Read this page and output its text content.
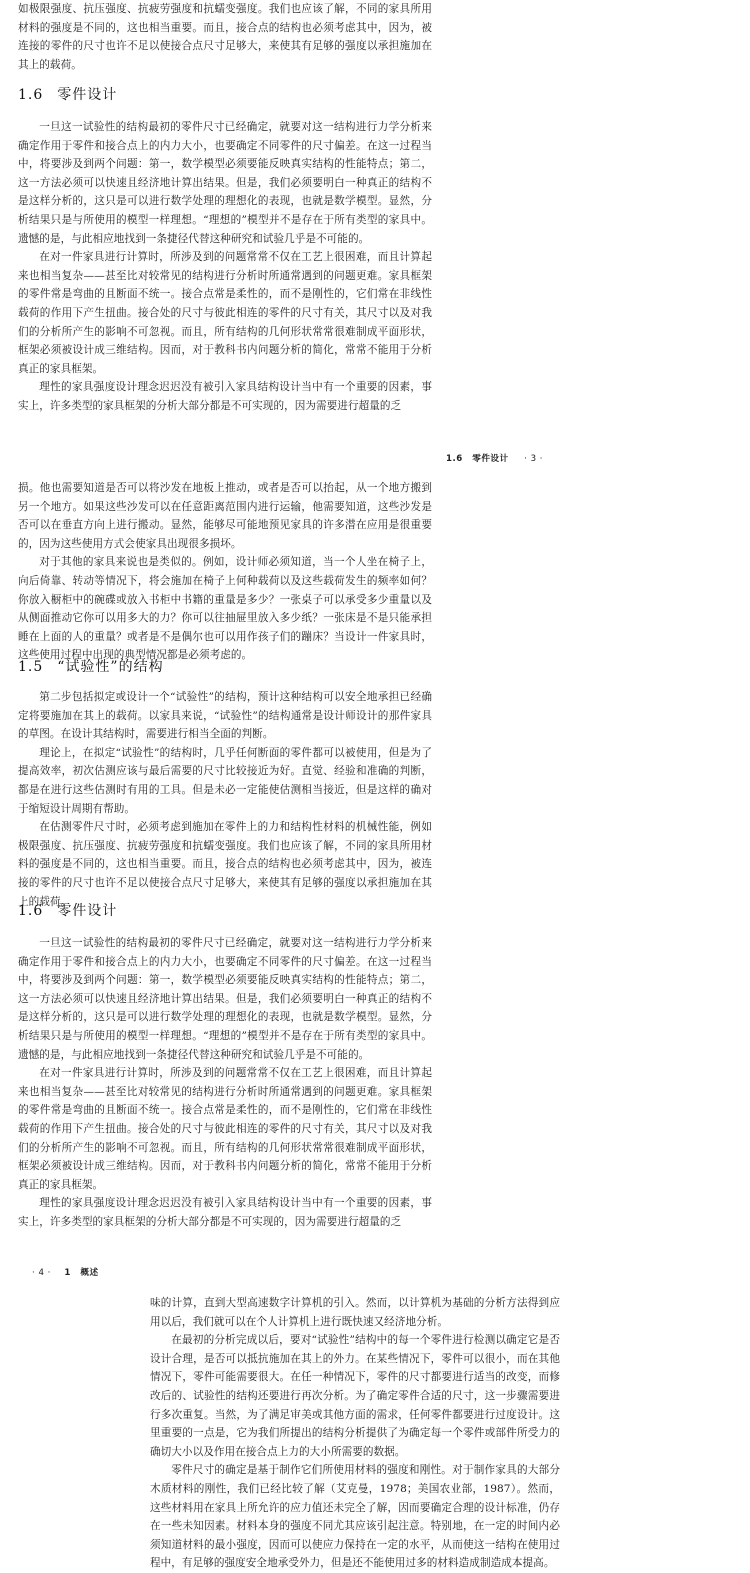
如极限强度、抗压强度、抗疲劳强度和抗蠕变强度。我们也应该了解，不同的家具所用材料的强度是不同的，这也相当重要。而且，接合点的结构也必须考虑其中，因为，被连接的零件的尺寸也许不足以使接合点尺寸足够大，来使其有足够的强度以承担施加在其上的载荷。

1.6 零件设计

一旦这一试验性的结构最初的零件尺寸已经确定，就要对这一结构进行力学分析来确定作用于零件和接合点上的内力大小，也要确定不同零件的尺寸偏差。在这一过程当中，将要涉及到两个问题：第一，数学模型必须要能反映真实结构的性能特点；第二，这一方法必须可以快速且经济地计算出结果。但是，我们必须要明白一种真正的结构不是这样分析的，这只是可以进行数学处理的理想化的表现，也就是数学模型。显然，分析结果只是与所使用的模型一样理想。“理想的”模型并不是存在于所有类型的家具中。遗憾的是，与此相应地找到一条捷径代替这种研究和试验几乎是不可能的。

在对一件家具进行计算时，所涉及到的问题常常不仅在工艺上很困难，而且计算起来也相当复杂——甚至比对较常见的结构进行分析时所通常遇到的问题更难。家具框架的零件常是弯曲的且断面不统一。接合点常是柔性的，而不是刚性的，它们常在非线性载荷的作用下产生扭曲。接合处的尺寸与彼此相连的零件的尺寸有关，其尺寸以及对我们的分析所产生的影响不可忽视。而且，所有结构的几何形状常常很难制成平面形状，框架必须被设计成三维结构。因而，对于教科书内问题分析的简化，常常不能用于分析真正的家具框架。

理性的家具强度设计理念迟迟没有被引入家具结构设计当中有一个重要的因素，事实上，许多类型的家具框架的分析大部分都是不可实现的，因为需要进行超量的乏

1.6 零件设计 · 3 ·

损。他也需要知道是否可以将沙发在地板上推动，或者是否可以抬起，从一个地方搬到另一个地方。如果这些沙发可以在任意距离范围内进行运输，他需要知道，这些沙发是否可以在垂直方向上进行搬动。显然，能够尽可能地预见家具的许多潜在应用是很重要的，因为这些使用方式会使家具出现很多损坏。

对于其他的家具来说也是类似的。例如，设计师必须知道，当一个人坐在椅子上，向后倚靠、转动等情况下，将会施加在椅子上何种载荷以及这些载荷发生的频率如何？你放入橱柜中的碗碟或放入书柜中书籍的重量是多少？一张桌子可以承受多少重量以及从侧面推动它你可以用多大的力？你可以往抽屉里放入多少纸？一张床是不是只能承担睡在上面的人的重量？或者是不是偶尔也可以用作孩子们的蹦床？当设计一件家具时，这些使用过程中出现的典型情况都是必须考虑的。

1.5 “试验性”的结构

第二步包括拟定或设计一个“试验性”的结构，预计这种结构可以安全地承担已经确定将要施加在其上的载荷。以家具来说，“试验性”的结构通常是设计师设计的那件家具的草图。在设计其结构时，需要进行相当全面的判断。

理论上，在拟定“试验性”的结构时，几乎任何断面的零件都可以被使用，但是为了提高效率，初次估测应该与最后需要的尺寸比较接近为好。直觉、经验和准确的判断，都是在进行这些估测时有用的工具。但是未必一定能使估测相当接近，但是这样的确对于缩短设计周期有帮助。

在估测零件尺寸时，必须考虑到施加在零件上的力和结构性材料的机械性能，例如极限强度、抗压强度、抗疲劳强度和抗蠕变强度。我们也应该了解，不同的家具所用材料的强度是不同的，这也相当重要。而且，接合点的结构也必须考虑其中，因为，被连接的零件的尺寸也许不足以使接合点尺寸足够大，来使其有足够的强度以承担施加在其上的载荷。

1.6 零件设计

一旦这一试验性的结构最初的零件尺寸已经确定，就要对这一结构进行力学分析来确定作用于零件和接合点上的内力大小，也要确定不同零件的尺寸偏差。在这一过程当中，将要涉及到两个问题：第一，数学模型必须要能反映真实结构的性能特点；第二，这一方法必须可以快速且经济地计算出结果。但是，我们必须要明白一种真正的结构不是这样分析的，这只是可以进行数学处理的理想化的表现，也就是数学模型。显然，分析结果只是与所使用的模型一样理想。“理想的”模型并不是存在于所有类型的家具中。遗憾的是，与此相应地找到一条捷径代替这种研究和试验几乎是不可能的。

在对一件家具进行计算时，所涉及到的问题常常不仅在工艺上很困难，而且计算起来也相当复杂——甚至比对较常见的结构进行分析时所通常遇到的问题更难。家具框架的零件常是弯曲的且断面不统一。接合点常是柔性的，而不是刚性的，它们常在非线性载荷的作用下产生扭曲。接合处的尺寸与彼此相连的零件的尺寸有关，其尺寸以及对我们的分析所产生的影响不可忽视。而且，所有结构的几何形状常常很难制成平面形状，框架必须被设计成三维结构。因而，对于教科书内问题分析的简化，常常不能用于分析真正的家具框架。

理性的家具强度设计理念迟迟没有被引入家具结构设计当中有一个重要的因素，事实上，许多类型的家具框架的分析大部分都是不可实现的，因为需要进行超量的乏

· 4 · 1 概述

味的计算，直到大型高速数字计算机的引入。然而，以计算机为基础的分析方法得到应用以后，我们就可以在个人计算机上进行既快速又经济地分析。

在最初的分析完成以后，要对“试验性”结构中的每一个零件进行检测以确定它是否设计合理，是否可以抵抗施加在其上的外力。在某些情况下，零件可以很小，而在其他情况下，零件可能需要很大。在任一种情况下，零件的尺寸都要进行适当的改变，而修改后的、试验性的结构还要进行再次分析。为了确定零件合适的尺寸，这一步骤需要进行多次重复。当然，为了满足审美或其他方面的需求，任何零件都要进行过度设计。这里重要的一点是，它为我们所提出的结构分析提供了为确定每一个零件或部件所受力的确切大小以及作用在接合点上力的大小所需要的数据。

零件尺寸的确定是基于制作它们所使用材料的强度和刚性。对于制作家具的大部分木质材料的刚性，我们已经比较了解（艾克曼，1978；美国农业部，1987）。然而，这些材料用在家具上所允许的应力值还未完全了解，因而要确定合理的设计标准，仍存在一些未知因素。材料本身的强度不同尤其应该引起注意。特别地，在一定的时间内必须知道材料的最小强度，因而可以使应力保持在一定的水平，从而使这一结构在使用过程中，有足够的强度安全地承受外力，但是还不能使用过多的材料造成制造成本提高。
